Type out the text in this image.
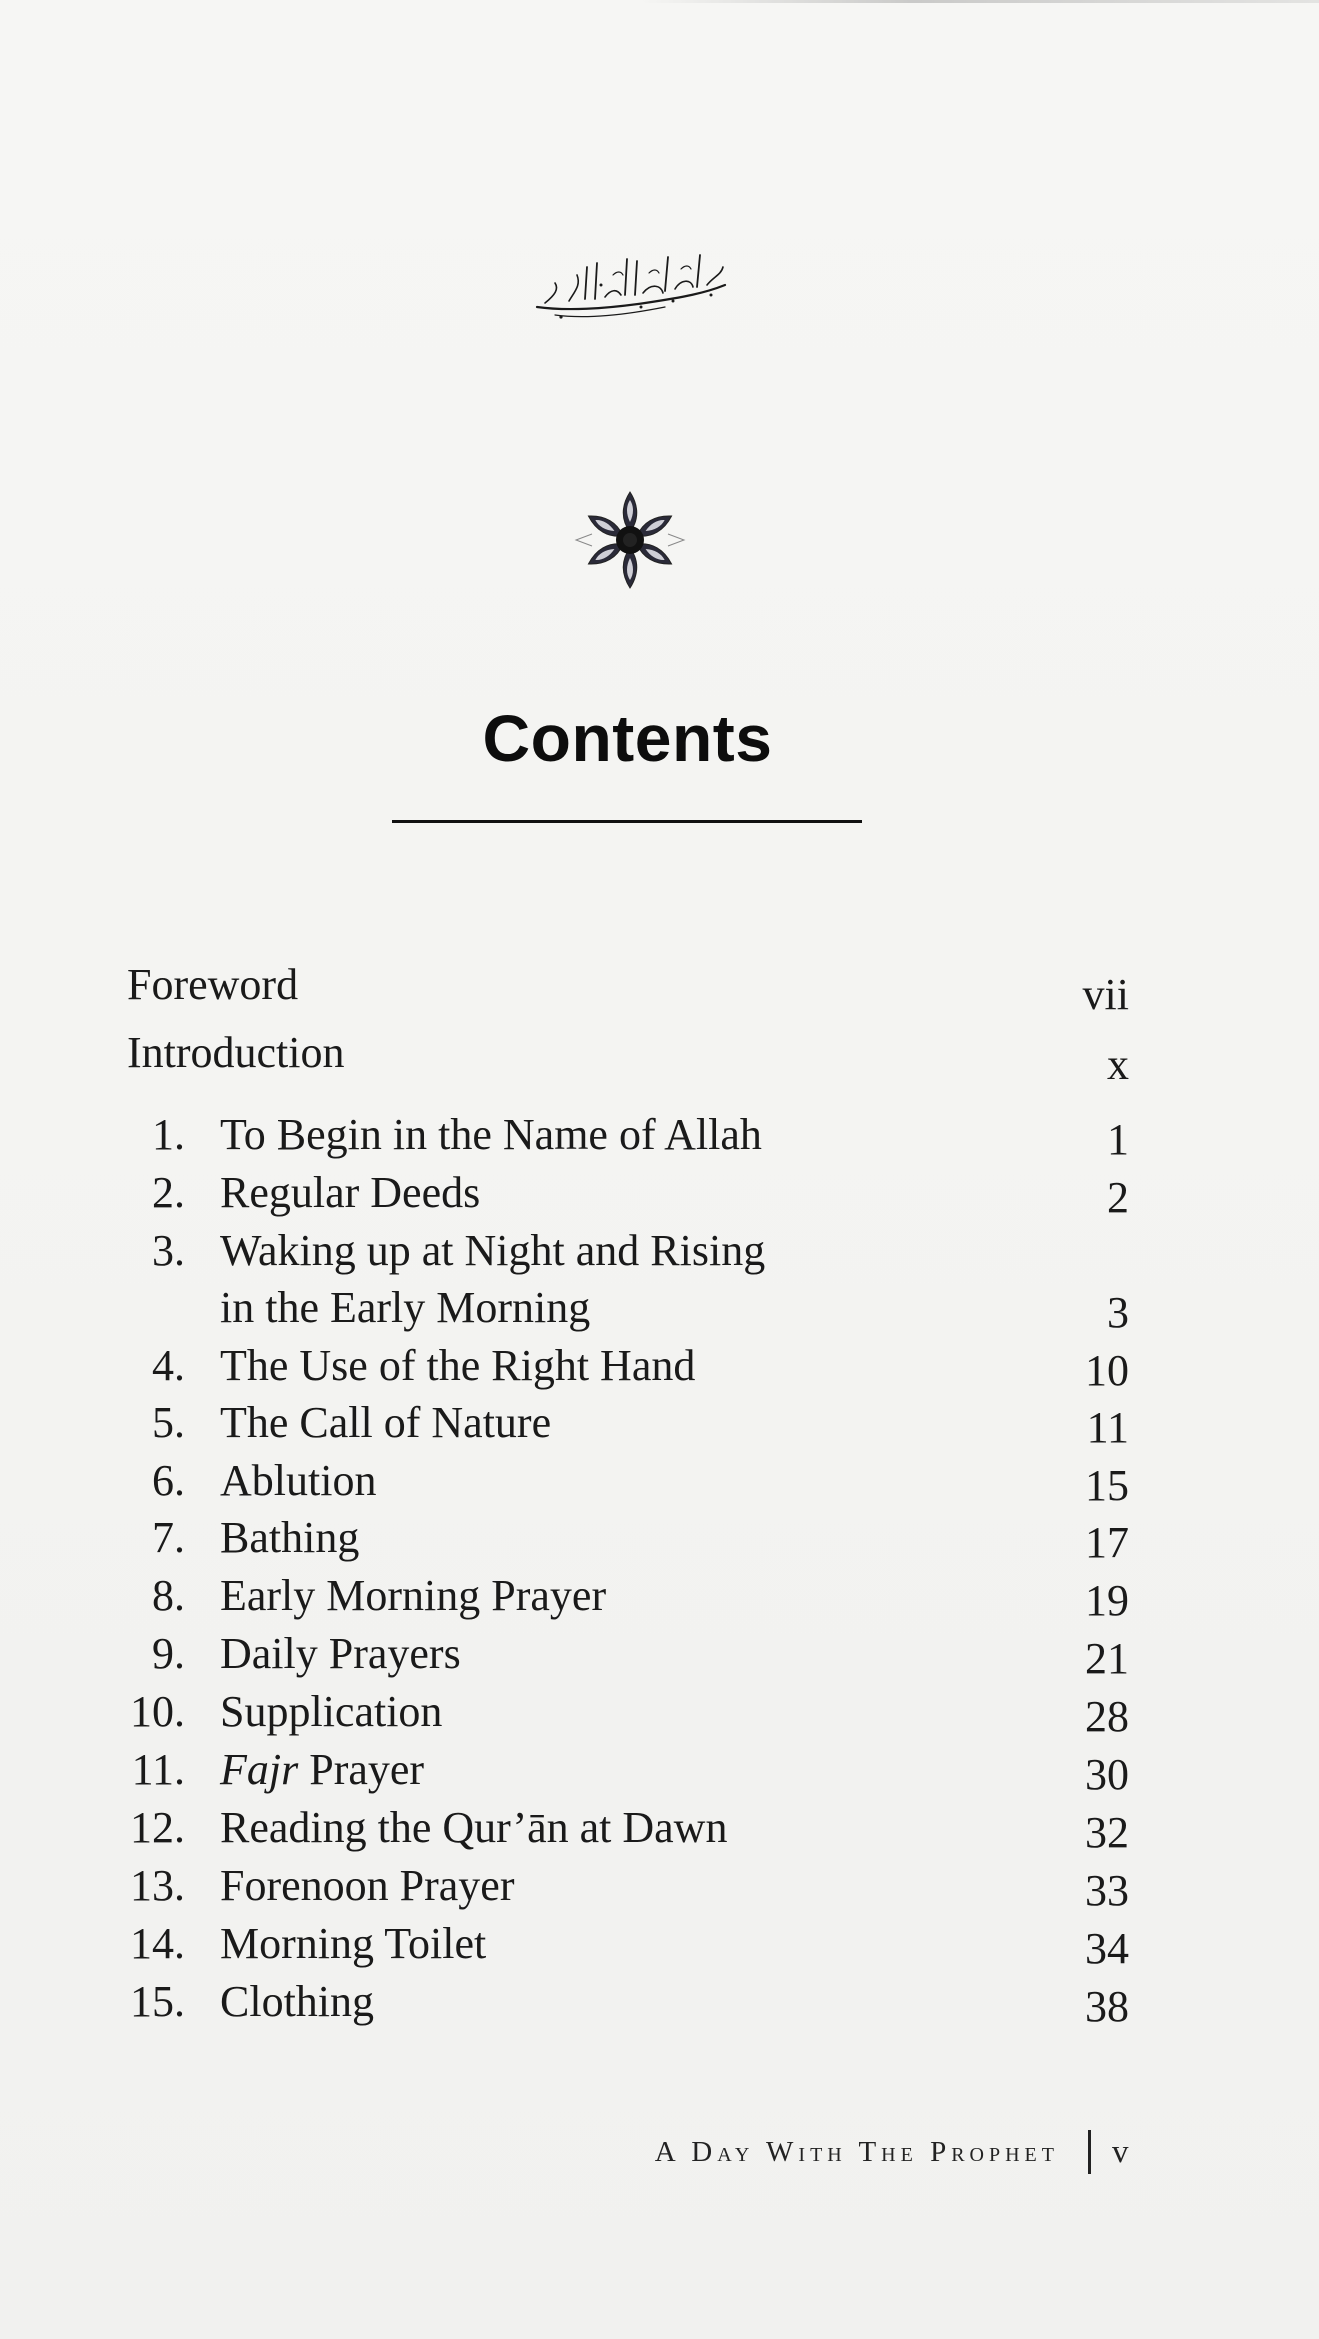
Contents
Foreword	vii
Introduction	x
1. To Begin in the Name of Allah	1
2. Regular Deeds	2
3. Waking up at Night and Rising
in the Early Morning	3
4. The Use of the Right Hand	10
5. The Call of Nature	11
6. Ablution	15
7. Bathing	17
8. Early Morning Prayer	19
9. Daily Prayers	21
10. Supplication	28
11. Fajr Prayer	30
12. Reading the Qur’ān at Dawn	32
13. Forenoon Prayer	33
14. Morning Toilet	34
15. Clothing	38
A Day With The Prophet v
